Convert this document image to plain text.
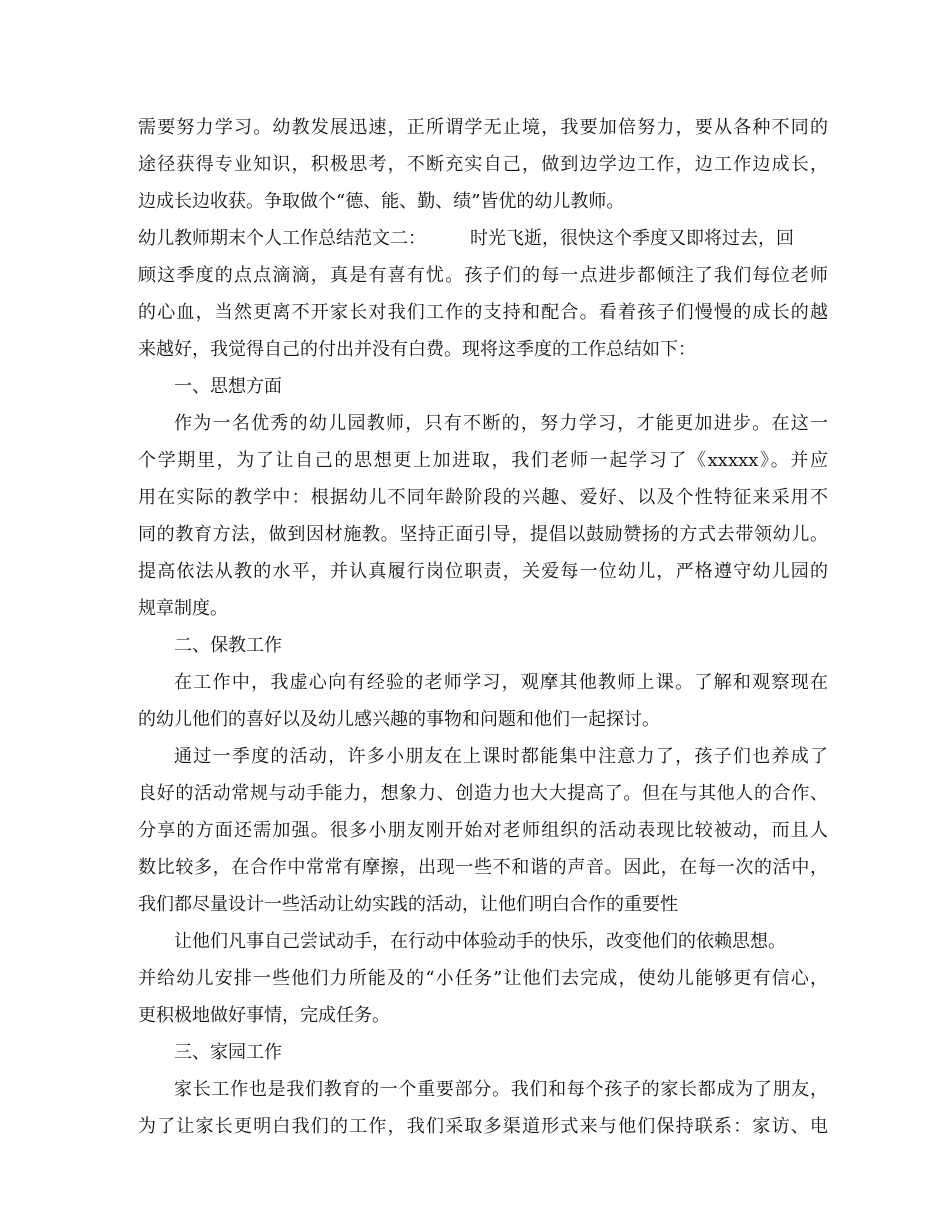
需要努力学习。幼教发展迅速，正所谓学无止境，我要加倍努力，要从各种不同的
途径获得专业知识，积极思考，不断充实自己，做到边学边工作，边工作边成长，
边成长边收获。争取做个“德、能、勤、绩”皆优的幼儿教师。
幼儿教师期末个人工作总结范文二： 时光飞逝，很快这个季度又即将过去，回
顾这季度的点点滴滴，真是有喜有忧。孩子们的每一点进步都倾注了我们每位老师
的心血，当然更离不开家长对我们工作的支持和配合。看着孩子们慢慢的成长的越
来越好，我觉得自己的付出并没有白费。现将这季度的工作总结如下：
一、思想方面
作为一名优秀的幼儿园教师，只有不断的，努力学习，才能更加进步。在这一
个学期里，为了让自己的思想更上加进取，我们老师一起学习了《xxxxx》。并应
用在实际的教学中：根据幼儿不同年龄阶段的兴趣、爱好、以及个性特征来采用不
同的教育方法，做到因材施教。坚持正面引导，提倡以鼓励赞扬的方式去带领幼儿。
提高依法从教的水平，并认真履行岗位职责，关爱每一位幼儿，严格遵守幼儿园的
规章制度。
二、保教工作
在工作中，我虚心向有经验的老师学习，观摩其他教师上课。了解和观察现在
的幼儿他们的喜好以及幼儿感兴趣的事物和问题和他们一起探讨。
通过一季度的活动，许多小朋友在上课时都能集中注意力了，孩子们也养成了
良好的活动常规与动手能力，想象力、创造力也大大提高了。但在与其他人的合作、
分享的方面还需加强。很多小朋友刚开始对老师组织的活动表现比较被动，而且人
数比较多，在合作中常常有摩擦，出现一些不和谐的声音。因此，在每一次的活中，
我们都尽量设计一些活动让幼实践的活动，让他们明白合作的重要性
让他们凡事自己尝试动手，在行动中体验动手的快乐，改变他们的依赖思想。
并给幼儿安排一些他们力所能及的“小任务”让他们去完成，使幼儿能够更有信心，
更积极地做好事情，完成任务。
三、家园工作
家长工作也是我们教育的一个重要部分。我们和每个孩子的家长都成为了朋友，
为了让家长更明白我们的工作，我们采取多渠道形式来与他们保持联系：家访、电
